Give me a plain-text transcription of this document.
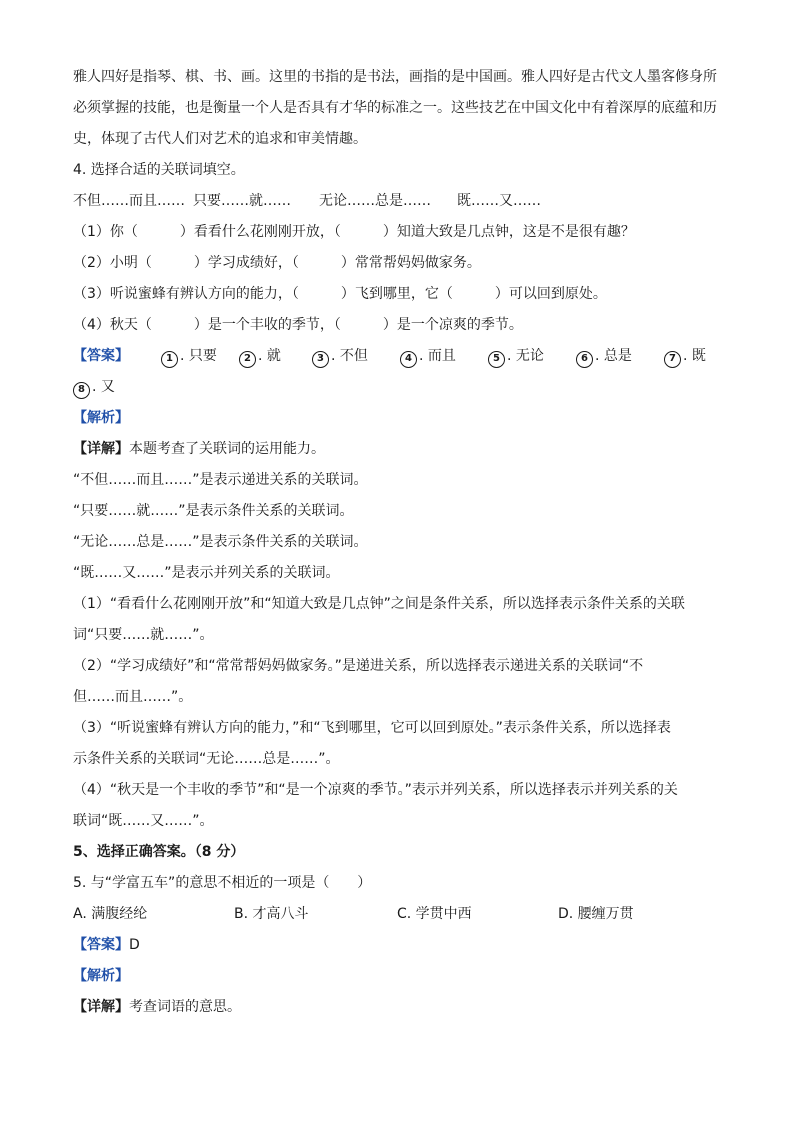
雅人四好是指琴、棋、书、画。这里的书指的是书法，画指的是中国画。雅人四好是古代文人墨客修身所

必须掌握的技能，也是衡量一个人是否具有才华的标准之一。这些技艺在中国文化中有着深厚的底蕴和历

史，体现了古代人们对艺术的追求和审美情趣。

4. 选择合适的关联词填空。

不但……而且…… 只要……就…… 无论……总是…… 既……又……

（1）你（　　　）看看什么花刚刚开放，（　　　）知道大致是几点钟，这是不是很有趣？

（2）小明（　　　）学习成绩好，（　　　）常常帮妈妈做家务。

（3）听说蜜蜂有辨认方向的能力，（　　　）飞到哪里，它（　　　）可以回到原处。

（4）秋天（　　　）是一个丰收的季节，（　　　）是一个凉爽的季节。

【答案】	1 . 只要	2 . 就	3 . 不但	4 . 而且	5 . 无论	6 . 总是	7 . 既

8 . 又

【解析】

【详解】本题考查了关联词的运用能力。

“不但……而且……”是表示递进关系的关联词。

“只要……就……”是表示条件关系的关联词。

“无论……总是……”是表示条件关系的关联词。

“既……又……”是表示并列关系的关联词。

（1）“看看什么花刚刚开放”和“知道大致是几点钟”之间是条件关系，所以选择表示条件关系的关联

词“只要……就……”。

（2）“学习成绩好”和“常常帮妈妈做家务。”是递进关系，所以选择表示递进关系的关联词“不

但……而且……”。

（3）“听说蜜蜂有辨认方向的能力，”和“飞到哪里，它可以回到原处。”表示条件关系，所以选择表

示条件关系的关联词“无论……总是……”。

（4）“秋天是一个丰收的季节”和“是一个凉爽的季节。”表示并列关系，所以选择表示并列关系的关

联词“既……又……”。

5、选择正确答案。（8 分）

5. 与“学富五车”的意思不相近的一项是（　　）

A. 满腹经纶	B. 才高八斗	C. 学贯中西	D. 腰缠万贯

【答案】D

【解析】

【详解】考查词语的意思。
